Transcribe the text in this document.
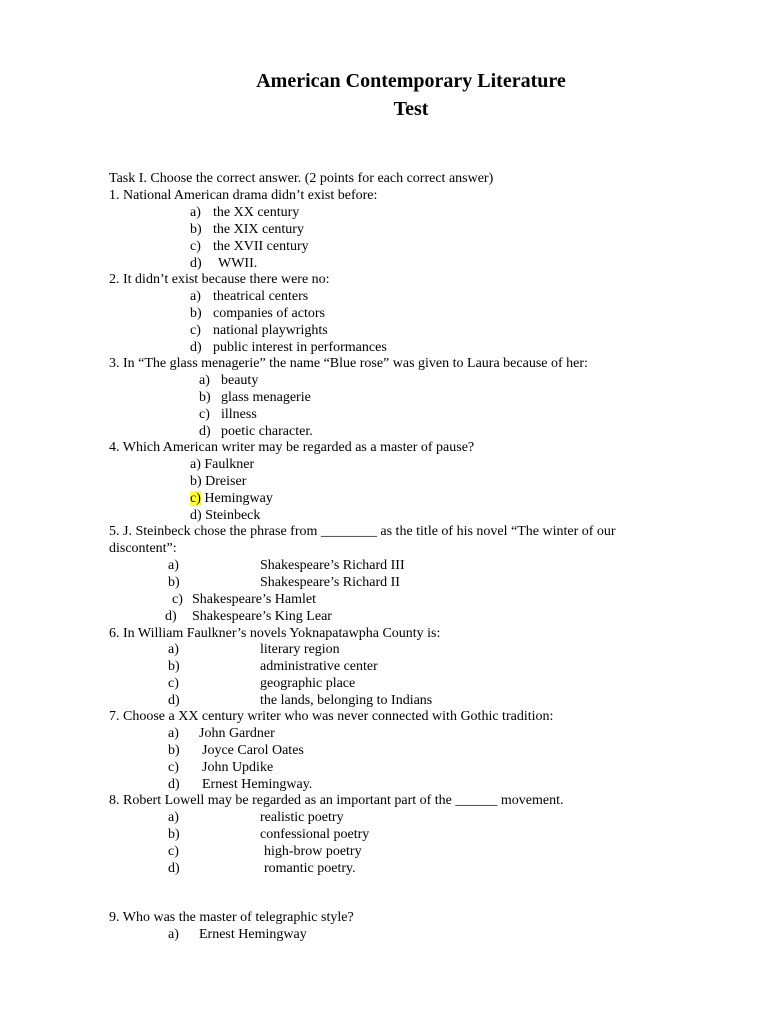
American Contemporary Literature
Test
Task I. Choose the correct answer. (2 points for each correct answer)
1. National American drama didn’t exist before:
a) the XX century
b) the XIX century
c) the XVII century
d) WWII.
2. It didn’t exist because there were no:
a) theatrical centers
b) companies of actors
c) national playwrights
d) public interest in performances
3. In “The glass menagerie” the name “Blue rose” was given to Laura because of her:
a) beauty
b) glass menagerie
c) illness
d) poetic character.
4. Which American writer may be regarded as a master of pause?
a) Faulkner
b) Dreiser
c) Hemingway
d) Steinbeck
5. J. Steinbeck chose the phrase from ________ as the title of his novel “The winter of our
discontent”:
a)	Shakespeare’s Richard III
b)	Shakespeare’s Richard II
c) Shakespeare’s Hamlet
d) Shakespeare’s King Lear
6. In William Faulkner’s novels Yoknapatawpha County is:
a)	literary region
b)	administrative center
c)	geographic place
d)	the lands, belonging to Indians
7. Choose a XX century writer who was never connected with Gothic tradition:
a) John Gardner
b) Joyce Carol Oates
c) John Updike
d) Ernest Hemingway.
8. Robert Lowell may be regarded as an important part of the ______ movement.
a)	realistic poetry
b)	confessional poetry
c)	high-brow poetry
d)	romantic poetry.
9. Who was the master of telegraphic style?
a) Ernest Hemingway
